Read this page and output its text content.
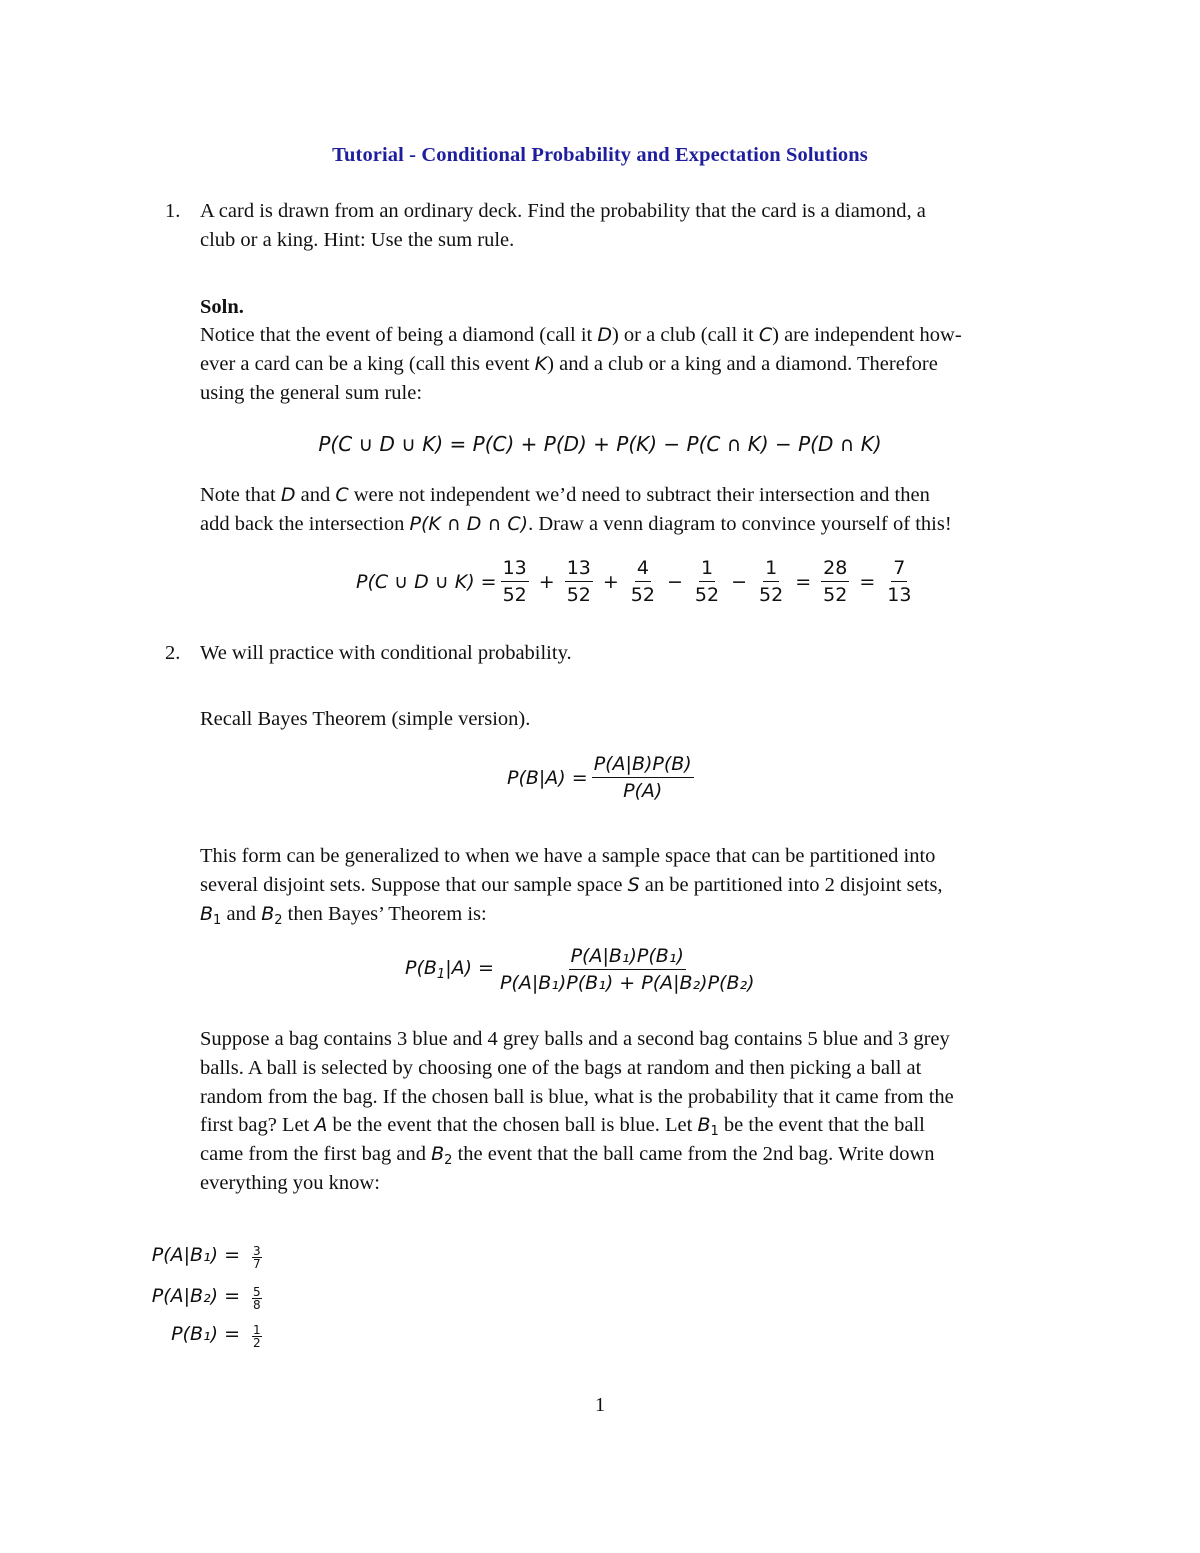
Tutorial - Conditional Probability and Expectation Solutions
1. A card is drawn from an ordinary deck. Find the probability that the card is a diamond, a
club or a king. Hint: Use the sum rule.
Soln.
Notice that the event of being a diamond (call it D) or a club (call it C) are independent how-
ever a card can be a king (call this event K) and a club or a king and a diamond. Therefore
using the general sum rule:
P(C ∪ D ∪ K) = P(C) + P(D) + P(K) − P(C ∩ K) − P(D ∩ K)
Note that D and C were not independent we’d need to subtract their intersection and then
add back the intersection P(K ∩ D ∩ C). Draw a venn diagram to convince yourself of this!
P(C ∪ D ∪ $K) = \frac{13}{52} + \frac{13}{52} + \frac{4}{52} - \frac{1}{52} - \frac{1}{52} = \frac{28}{52} = \frac{7}{13}$
2. We will practice with conditional probability.
Recall Bayes Theorem (simple version).
$P(B|A) = \frac{P(A|B)P(B)}{P(A)}$
This form can be generalized to when we have a sample space that can be partitioned into
several disjoint sets. Suppose that our sample space S an be partitioned into 2 disjoint sets,
$B_1$ and $B_2$ then Bayes’ Theorem is:
$P(B_1|A) = \frac{\text{P(A|B₁)P(B₁)}}{\text{P(A|B₁)P(B₁) + P(A|B₂)P(B₂)}}$
Suppose a bag contains 3 blue and 4 grey balls and a second bag contains 5 blue and 3 grey
balls. A ball is selected by choosing one of the bags at random and then picking a ball at
random from the bag. If the chosen ball is blue, what is the probability that it came from the
first bag? Let A be the event that the chosen ball is blue. Let $B_1$ be the event that the ball
came from the first bag and $B_2$ the event that the ball came from the 2nd bag. Write down
everything you know:
$P(A|B_1) = \frac{3}{7}$
$P(A|B_2) = \frac{5}{8}$
$P(B_1) = \frac{1}{2}$
1
